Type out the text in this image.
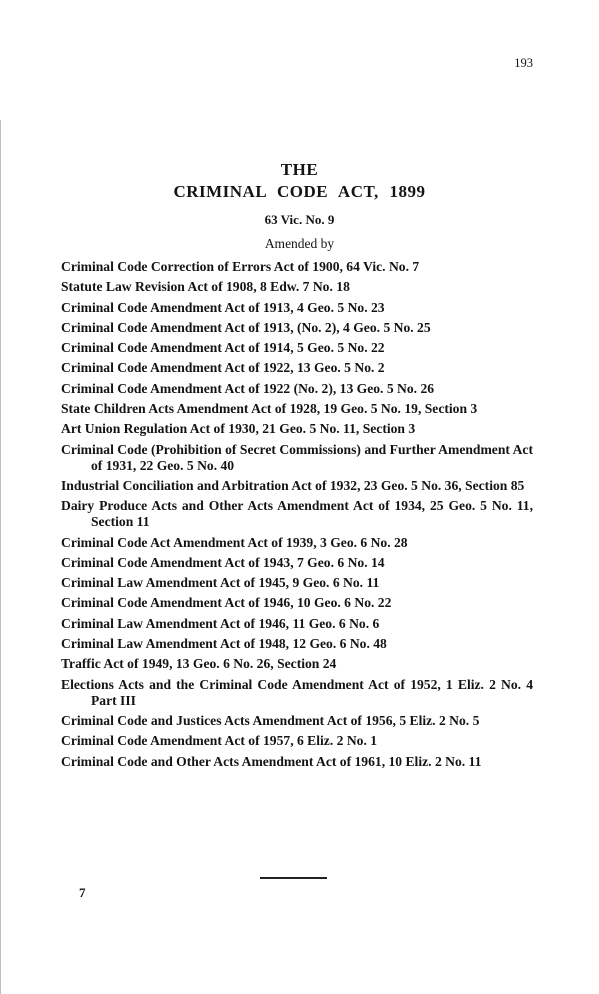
193
THE
CRIMINAL CODE ACT, 1899
63 Vic. No. 9
Amended by
Criminal Code Correction of Errors Act of 1900, 64 Vic. No. 7
Statute Law Revision Act of 1908, 8 Edw. 7 No. 18
Criminal Code Amendment Act of 1913, 4 Geo. 5 No. 23
Criminal Code Amendment Act of 1913, (No. 2), 4 Geo. 5 No. 25
Criminal Code Amendment Act of 1914, 5 Geo. 5 No. 22
Criminal Code Amendment Act of 1922, 13 Geo. 5 No. 2
Criminal Code Amendment Act of 1922 (No. 2), 13 Geo. 5 No. 26
State Children Acts Amendment Act of 1928, 19 Geo. 5 No. 19, Section 3
Art Union Regulation Act of 1930, 21 Geo. 5 No. 11, Section 3
Criminal Code (Prohibition of Secret Commissions) and Further Amendment Act of 1931, 22 Geo. 5 No. 40
Industrial Conciliation and Arbitration Act of 1932, 23 Geo. 5 No. 36, Section 85
Dairy Produce Acts and Other Acts Amendment Act of 1934, 25 Geo. 5 No. 11, Section 11
Criminal Code Act Amendment Act of 1939, 3 Geo. 6 No. 28
Criminal Code Amendment Act of 1943, 7 Geo. 6 No. 14
Criminal Law Amendment Act of 1945, 9 Geo. 6 No. 11
Criminal Code Amendment Act of 1946, 10 Geo. 6 No. 22
Criminal Law Amendment Act of 1946, 11 Geo. 6 No. 6
Criminal Law Amendment Act of 1948, 12 Geo. 6 No. 48
Traffic Act of 1949, 13 Geo. 6 No. 26, Section 24
Elections Acts and the Criminal Code Amendment Act of 1952, 1 Eliz. 2 No. 4 Part III
Criminal Code and Justices Acts Amendment Act of 1956, 5 Eliz. 2 No. 5
Criminal Code Amendment Act of 1957, 6 Eliz. 2 No. 1
Criminal Code and Other Acts Amendment Act of 1961, 10 Eliz. 2 No. 11
7
